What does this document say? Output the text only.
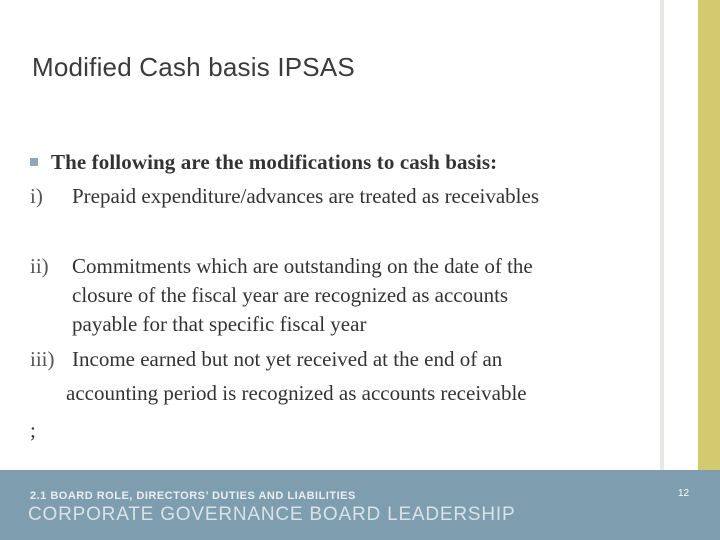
Modified Cash basis IPSAS
The following are the modifications to cash basis:
i) Prepaid expenditure/advances are treated as receivables
ii) Commitments which are outstanding on the date of the
closure of the fiscal year are recognized as accounts
payable for that specific fiscal year
iii) Income earned but not yet received at the end of an
accounting period is recognized as accounts receivable
;
2.1 BOARD ROLE, DIRECTORS’ DUTIES AND LIABILITIES
CORPORATE GOVERNANCE BOARD LEADERSHIP
12
